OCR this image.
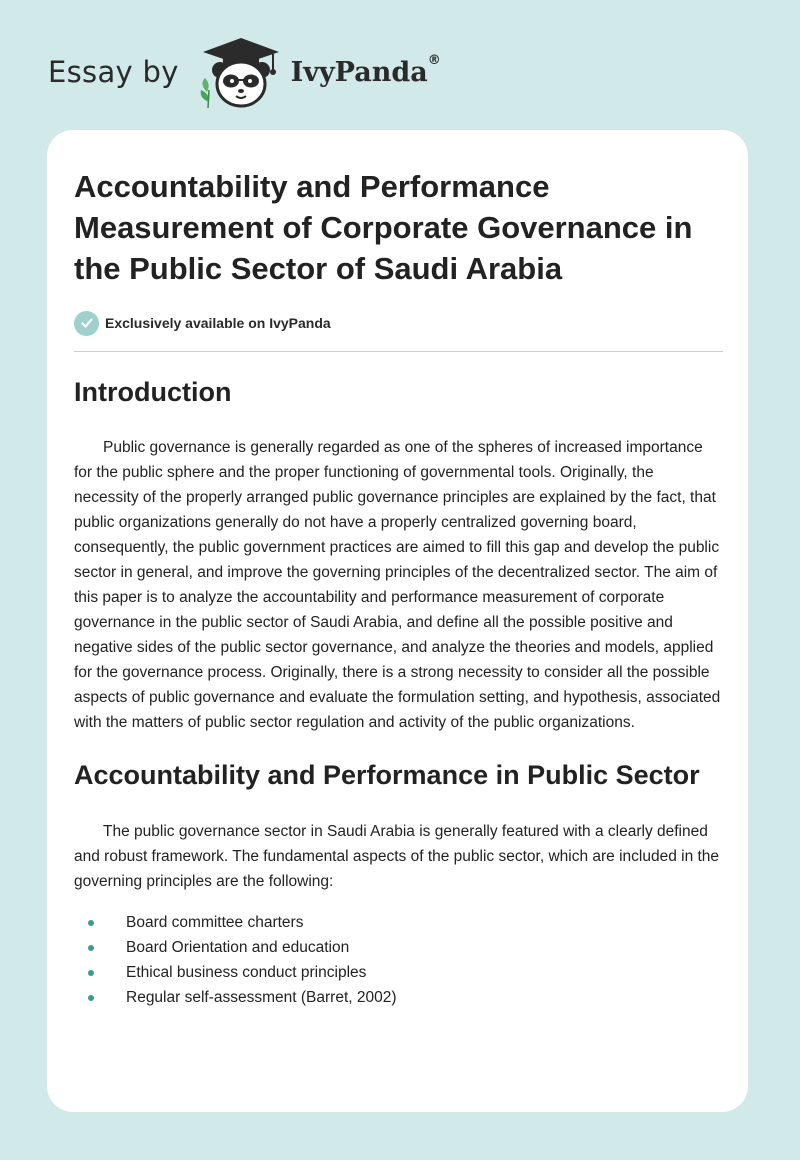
Essay by	IvyPanda®
Accountability and Performance Measurement of Corporate Governance in the Public Sector of Saudi Arabia
Exclusively available on IvyPanda
Introduction

Public governance is generally regarded as one of the spheres of increased importance for the public sphere and the proper functioning of governmental tools. Originally, the necessity of the properly arranged public governance principles are explained by the fact, that public organizations generally do not have a properly centralized governing board, consequently, the public government practices are aimed to fill this gap and develop the public sector in general, and improve the governing principles of the decentralized sector. The aim of this paper is to analyze the accountability and performance measurement of corporate governance in the public sector of Saudi Arabia, and define all the possible positive and negative sides of the public sector governance, and analyze the theories and models, applied for the governance process. Originally, there is a strong necessity to consider all the possible aspects of public governance and evaluate the formulation setting, and hypothesis, associated with the matters of public sector regulation and activity of the public organizations.

Accountability and Performance in Public Sector

The public governance sector in Saudi Arabia is generally featured with a clearly defined and robust framework. The fundamental aspects of the public sector, which are included in the governing principles are the following:

Board committee charters
Board Orientation and education
Ethical business conduct principles
Regular self-assessment (Barret, 2002)
